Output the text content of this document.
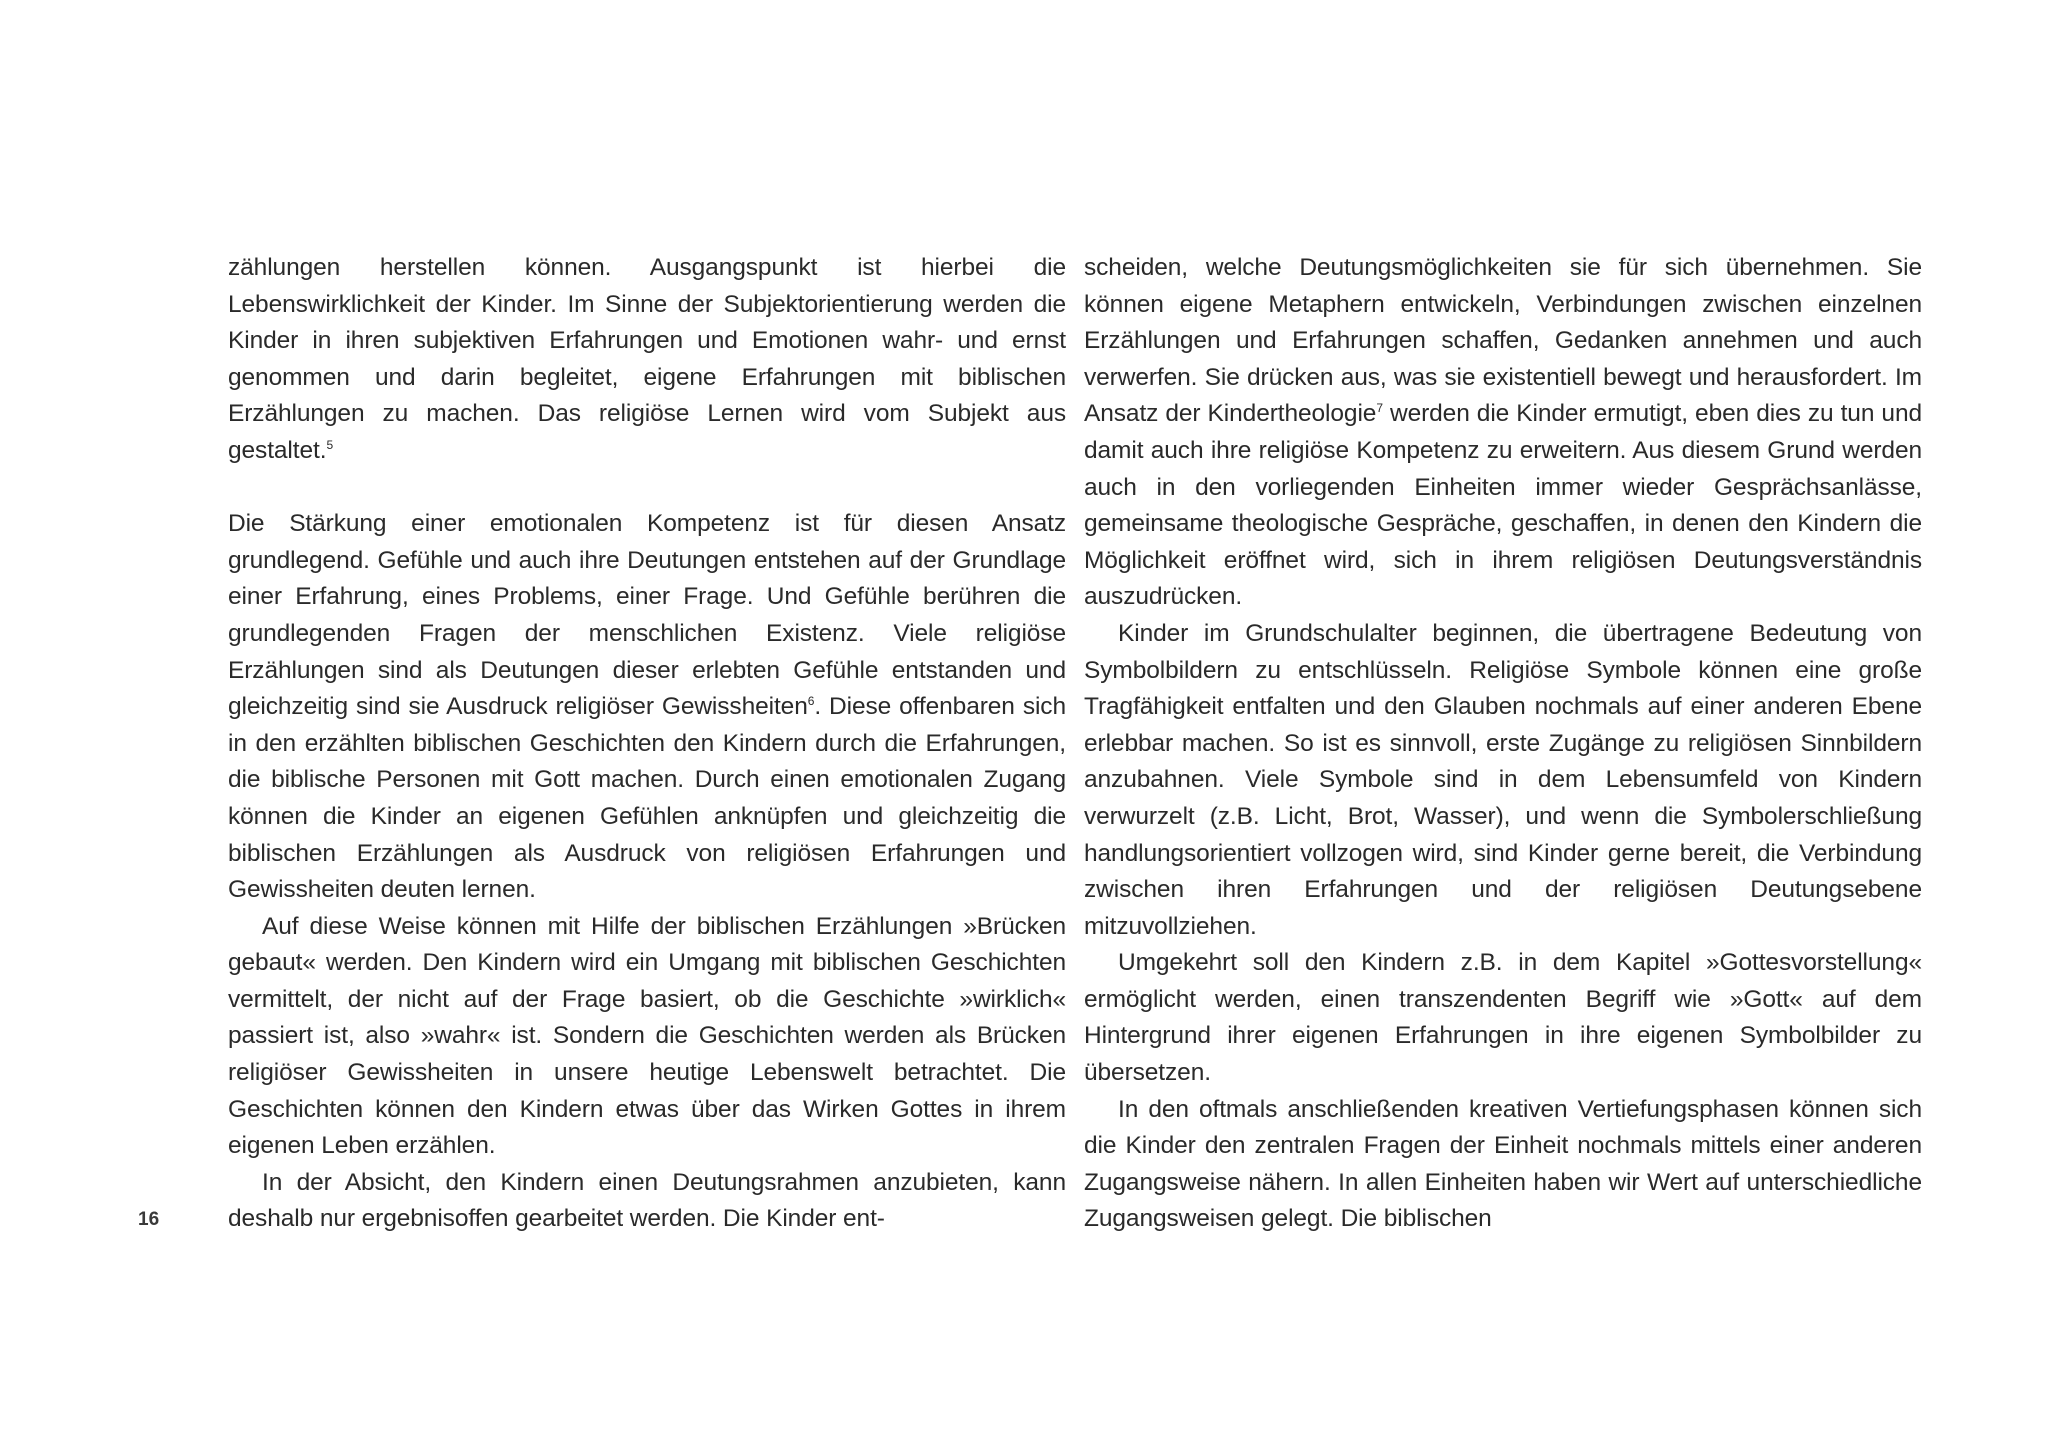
zählungen herstellen können. Ausgangspunkt ist hierbei die Lebenswirklichkeit der Kinder. Im Sinne der Subjektorientierung werden die Kinder in ihren subjektiven Erfahrungen und Emotionen wahr- und ernst genommen und darin begleitet, eigene Erfahrungen mit biblischen Erzählungen zu machen. Das religiöse Lernen wird vom Subjekt aus gestaltet.$^5$

Die Stärkung einer emotionalen Kompetenz ist für diesen Ansatz grundlegend. Gefühle und auch ihre Deutungen entstehen auf der Grundlage einer Erfahrung, eines Problems, einer Frage. Und Gefühle berühren die grundlegenden Fragen der menschlichen Existenz. Viele religiöse Erzählungen sind als Deutungen dieser erlebten Gefühle entstanden und gleichzeitig sind sie Ausdruck religiöser Gewissheiten$^6$. Diese offenbaren sich in den erzählten biblischen Geschichten den Kindern durch die Erfahrungen, die biblische Personen mit Gott machen. Durch einen emotionalen Zugang können die Kinder an eigenen Gefühlen anknüpfen und gleichzeitig die biblischen Erzählungen als Ausdruck von religiösen Erfahrungen und Gewissheiten deuten lernen.

Auf diese Weise können mit Hilfe der biblischen Erzählungen »Brücken gebaut« werden. Den Kindern wird ein Umgang mit biblischen Geschichten vermittelt, der nicht auf der Frage basiert, ob die Geschichte »wirklich« passiert ist, also »wahr« ist. Sondern die Geschichten werden als Brücken religiöser Gewissheiten in unsere heutige Lebenswelt betrachtet. Die Geschichten können den Kindern etwas über das Wirken Gottes in ihrem eigenen Leben erzählen.

In der Absicht, den Kindern einen Deutungsrahmen anzubieten, kann deshalb nur ergebnisoffen gearbeitet werden. Die Kinder ent-

scheiden, welche Deutungsmöglichkeiten sie für sich übernehmen. Sie können eigene Metaphern entwickeln, Verbindungen zwischen einzelnen Erzählungen und Erfahrungen schaffen, Gedanken annehmen und auch verwerfen. Sie drücken aus, was sie existentiell bewegt und herausfordert. Im Ansatz der Kindertheologie$^7$ werden die Kinder ermutigt, eben dies zu tun und damit auch ihre religiöse Kompetenz zu erweitern. Aus diesem Grund werden auch in den vorliegenden Einheiten immer wieder Gesprächsanlässe, gemeinsame theologische Gespräche, geschaffen, in denen den Kindern die Möglichkeit eröffnet wird, sich in ihrem religiösen Deutungsverständnis auszudrücken.

Kinder im Grundschulalter beginnen, die übertragene Bedeutung von Symbolbildern zu entschlüsseln. Religiöse Symbole können eine große Tragfähigkeit entfalten und den Glauben nochmals auf einer anderen Ebene erlebbar machen. So ist es sinnvoll, erste Zugänge zu religiösen Sinnbildern anzubahnen. Viele Symbole sind in dem Lebensumfeld von Kindern verwurzelt (z.B. Licht, Brot, Wasser), und wenn die Symbolerschließung handlungsorientiert vollzogen wird, sind Kinder gerne bereit, die Verbindung zwischen ihren Erfahrungen und der religiösen Deutungsebene mitzuvollziehen.

Umgekehrt soll den Kindern z.B. in dem Kapitel »Gottesvorstellung« ermöglicht werden, einen transzendenten Begriff wie »Gott« auf dem Hintergrund ihrer eigenen Erfahrungen in ihre eigenen Symbolbilder zu übersetzen.

In den oftmals anschließenden kreativen Vertiefungsphasen können sich die Kinder den zentralen Fragen der Einheit nochmals mittels einer anderen Zugangsweise nähern. In allen Einheiten haben wir Wert auf unterschiedliche Zugangsweisen gelegt. Die biblischen

16
